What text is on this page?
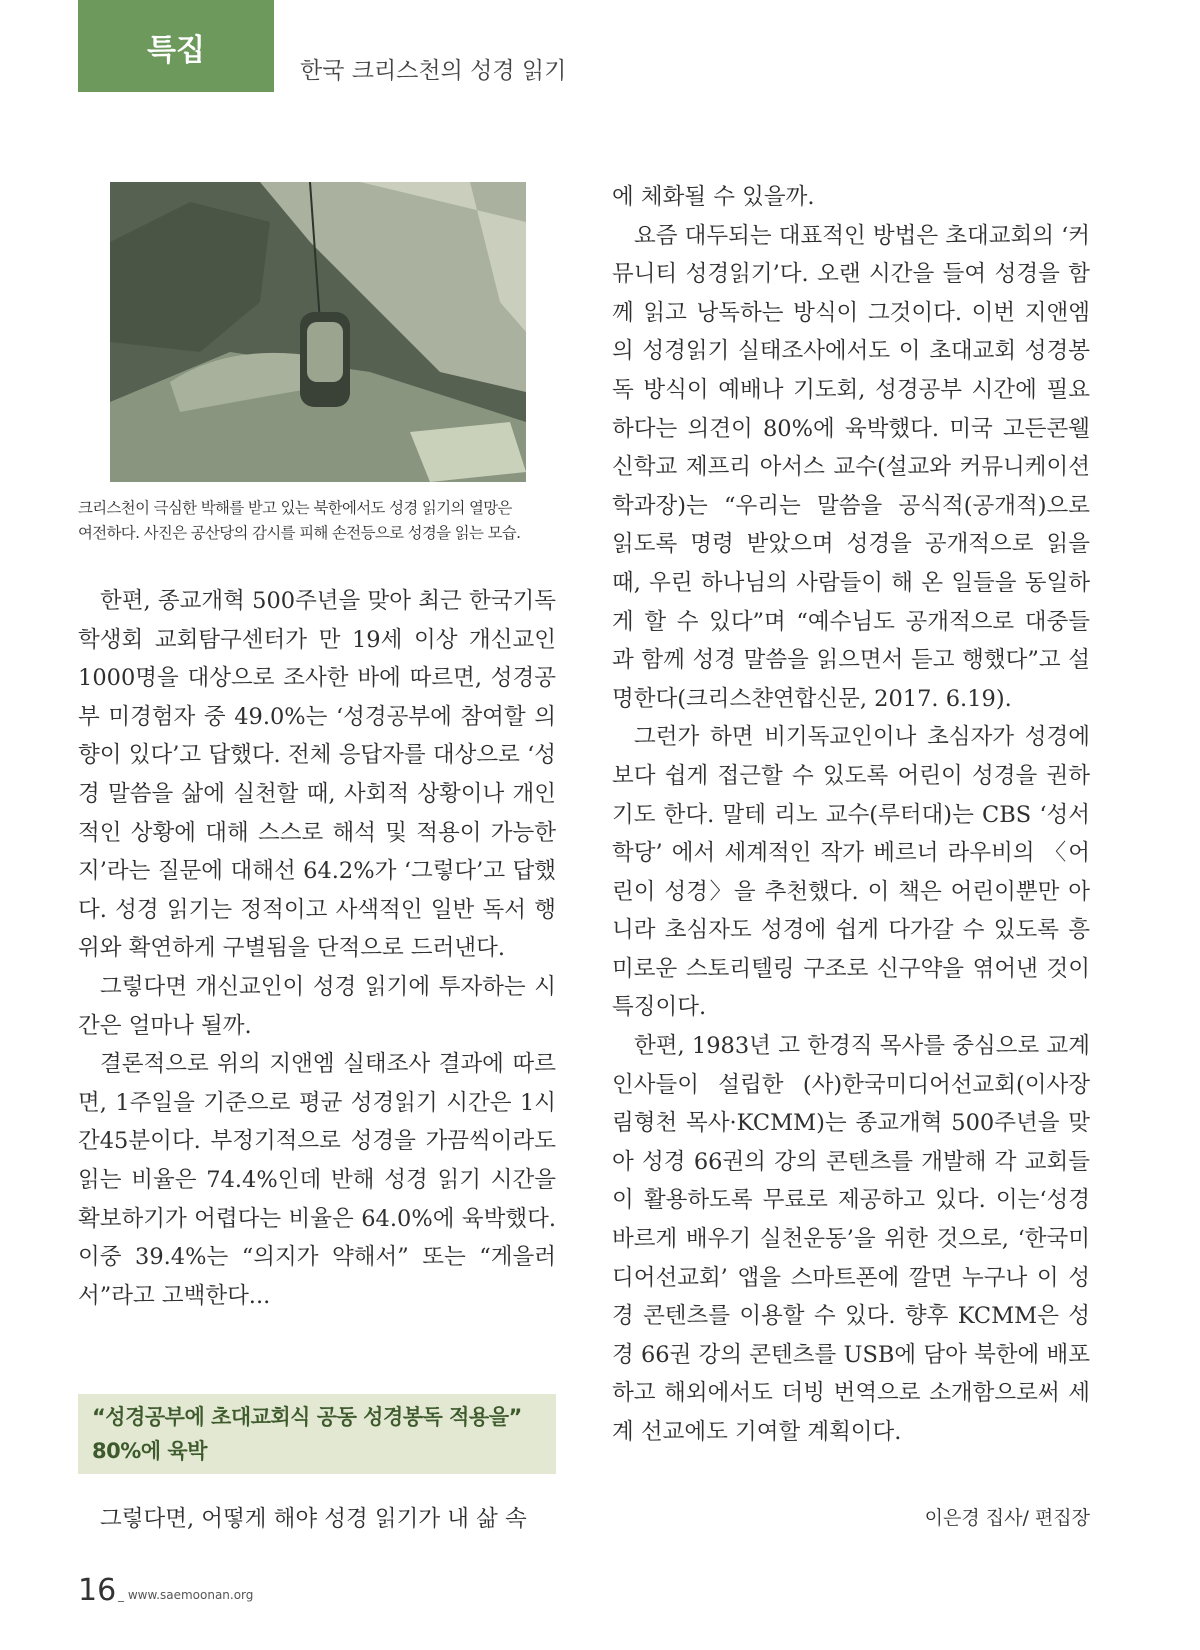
특집
한국 크리스천의 성경 읽기
크리스천이 극심한 박해를 받고 있는 북한에서도 성경 읽기의 열망은
여전하다. 사진은 공산당의 감시를 피해 손전등으로 성경을 읽는 모습.

한편, 종교개혁 500주년을 맞아 최근 한국기독학생회 교회탐구센터가 만 19세 이상 개신교인 1000명을 대상으로 조사한 바에 따르면, 성경공부 미경험자 중 49.0%는 ‘성경공부에 참여할 의향이 있다’고 답했다. 전체 응답자를 대상으로 ‘성경 말씀을 삶에 실천할 때, 사회적 상황이나 개인적인 상황에 대해 스스로 해석 및 적용이 가능한지’라는 질문에 대해선 64.2%가 ‘그렇다’고 답했다. 성경 읽기는 정적이고 사색적인 일반 독서 행위와 확연하게 구별됨을 단적으로 드러낸다.

그렇다면 개신교인이 성경 읽기에 투자하는 시간은 얼마나 될까.

결론적으로 위의 지앤엠 실태조사 결과에 따르면, 1주일을 기준으로 평균 성경읽기 시간은 1시간45분이다. 부정기적으로 성경을 가끔씩이라도 읽는 비율은 74.4%인데 반해 성경 읽기 시간을 확보하기가 어렵다는 비율은 64.0%에 육박했다. 이중 39.4%는 “의지가 약해서” 또는 “게을러서”라고 고백한다...

“성경공부에 초대교회식 공동 성경봉독 적용을”
80%에 육박

그렇다면, 어떻게 해야 성경 읽기가 내 삶 속

에 체화될 수 있을까.

요즘 대두되는 대표적인 방법은 초대교회의 ‘커뮤니티 성경읽기’다. 오랜 시간을 들여 성경을 함께 읽고 낭독하는 방식이 그것이다. 이번 지앤엠의 성경읽기 실태조사에서도 이 초대교회 성경봉독 방식이 예배나 기도회, 성경공부 시간에 필요하다는 의견이 80%에 육박했다. 미국 고든콘웰 신학교 제프리 아서스 교수(설교와 커뮤니케이션 학과장)는 “우리는 말씀을 공식적(공개적)으로 읽도록 명령 받았으며 성경을 공개적으로 읽을 때, 우린 하나님의 사람들이 해 온 일들을 동일하게 할 수 있다”며 “예수님도 공개적으로 대중들과 함께 성경 말씀을 읽으면서 듣고 행했다”고 설명한다(크리스챤연합신문, 2017. 6.19).

그런가 하면 비기독교인이나 초심자가 성경에 보다 쉽게 접근할 수 있도록 어린이 성경을 권하기도 한다. 말테 리노 교수(루터대)는 CBS ‘성서학당’ 에서 세계적인 작가 베르너 라우비의 〈어린이 성경〉을 추천했다. 이 책은 어린이뿐만 아니라 초심자도 성경에 쉽게 다가갈 수 있도록 흥미로운 스토리텔링 구조로 신구약을 엮어낸 것이 특징이다.

한편, 1983년 고 한경직 목사를 중심으로 교계 인사들이 설립한 (사)한국미디어선교회(이사장 림형천 목사·KCMM)는 종교개혁 500주년을 맞아 성경 66권의 강의 콘텐츠를 개발해 각 교회들이 활용하도록 무료로 제공하고 있다. 이는‘성경 바르게 배우기 실천운동’을 위한 것으로, ‘한국미디어선교회’ 앱을 스마트폰에 깔면 누구나 이 성경 콘텐츠를 이용할 수 있다. 향후 KCMM은 성경 66권 강의 콘텐츠를 USB에 담아 북한에 배포하고 해외에서도 더빙 번역으로 소개함으로써 세계 선교에도 기여할 계획이다.

이은경 집사/ 편집장
16 _ www.saemoonan.org
